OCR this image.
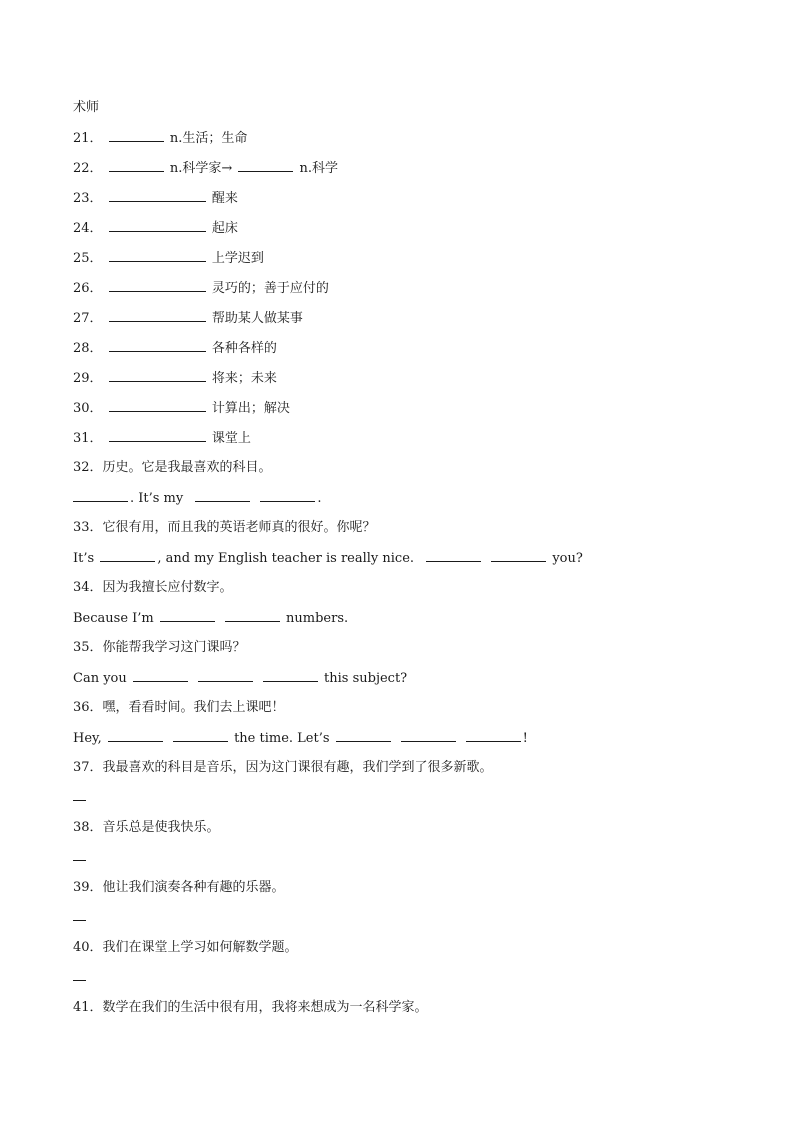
术师
21．	n.生活；生命
22．	n.科学家→	n.科学
23．	醒来
24．	起床
25．	上学迟到
26．	灵巧的；善于应付的
27．	帮助某人做某事
28．	各种各样的
29．	将来；未来
30．	计算出；解决
31．	课堂上
32．历史。它是我最喜欢的科目。
. It’s my	.
33．它很有用，而且我的英语老师真的很好。你呢？
It’s	, and my English teacher is really nice.	you?
34．因为我擅长应付数字。
Because I’m	numbers.
35．你能帮我学习这门课吗？
Can you	this subject?
36．嘿，看看时间。我们去上课吧！
Hey,	the time. Let’s	!
37．我最喜欢的科目是音乐，因为这门课很有趣，我们学到了很多新歌。
38．音乐总是使我快乐。
39．他让我们演奏各种有趣的乐器。
40．我们在课堂上学习如何解数学题。
41．数学在我们的生活中很有用，我将来想成为一名科学家。
